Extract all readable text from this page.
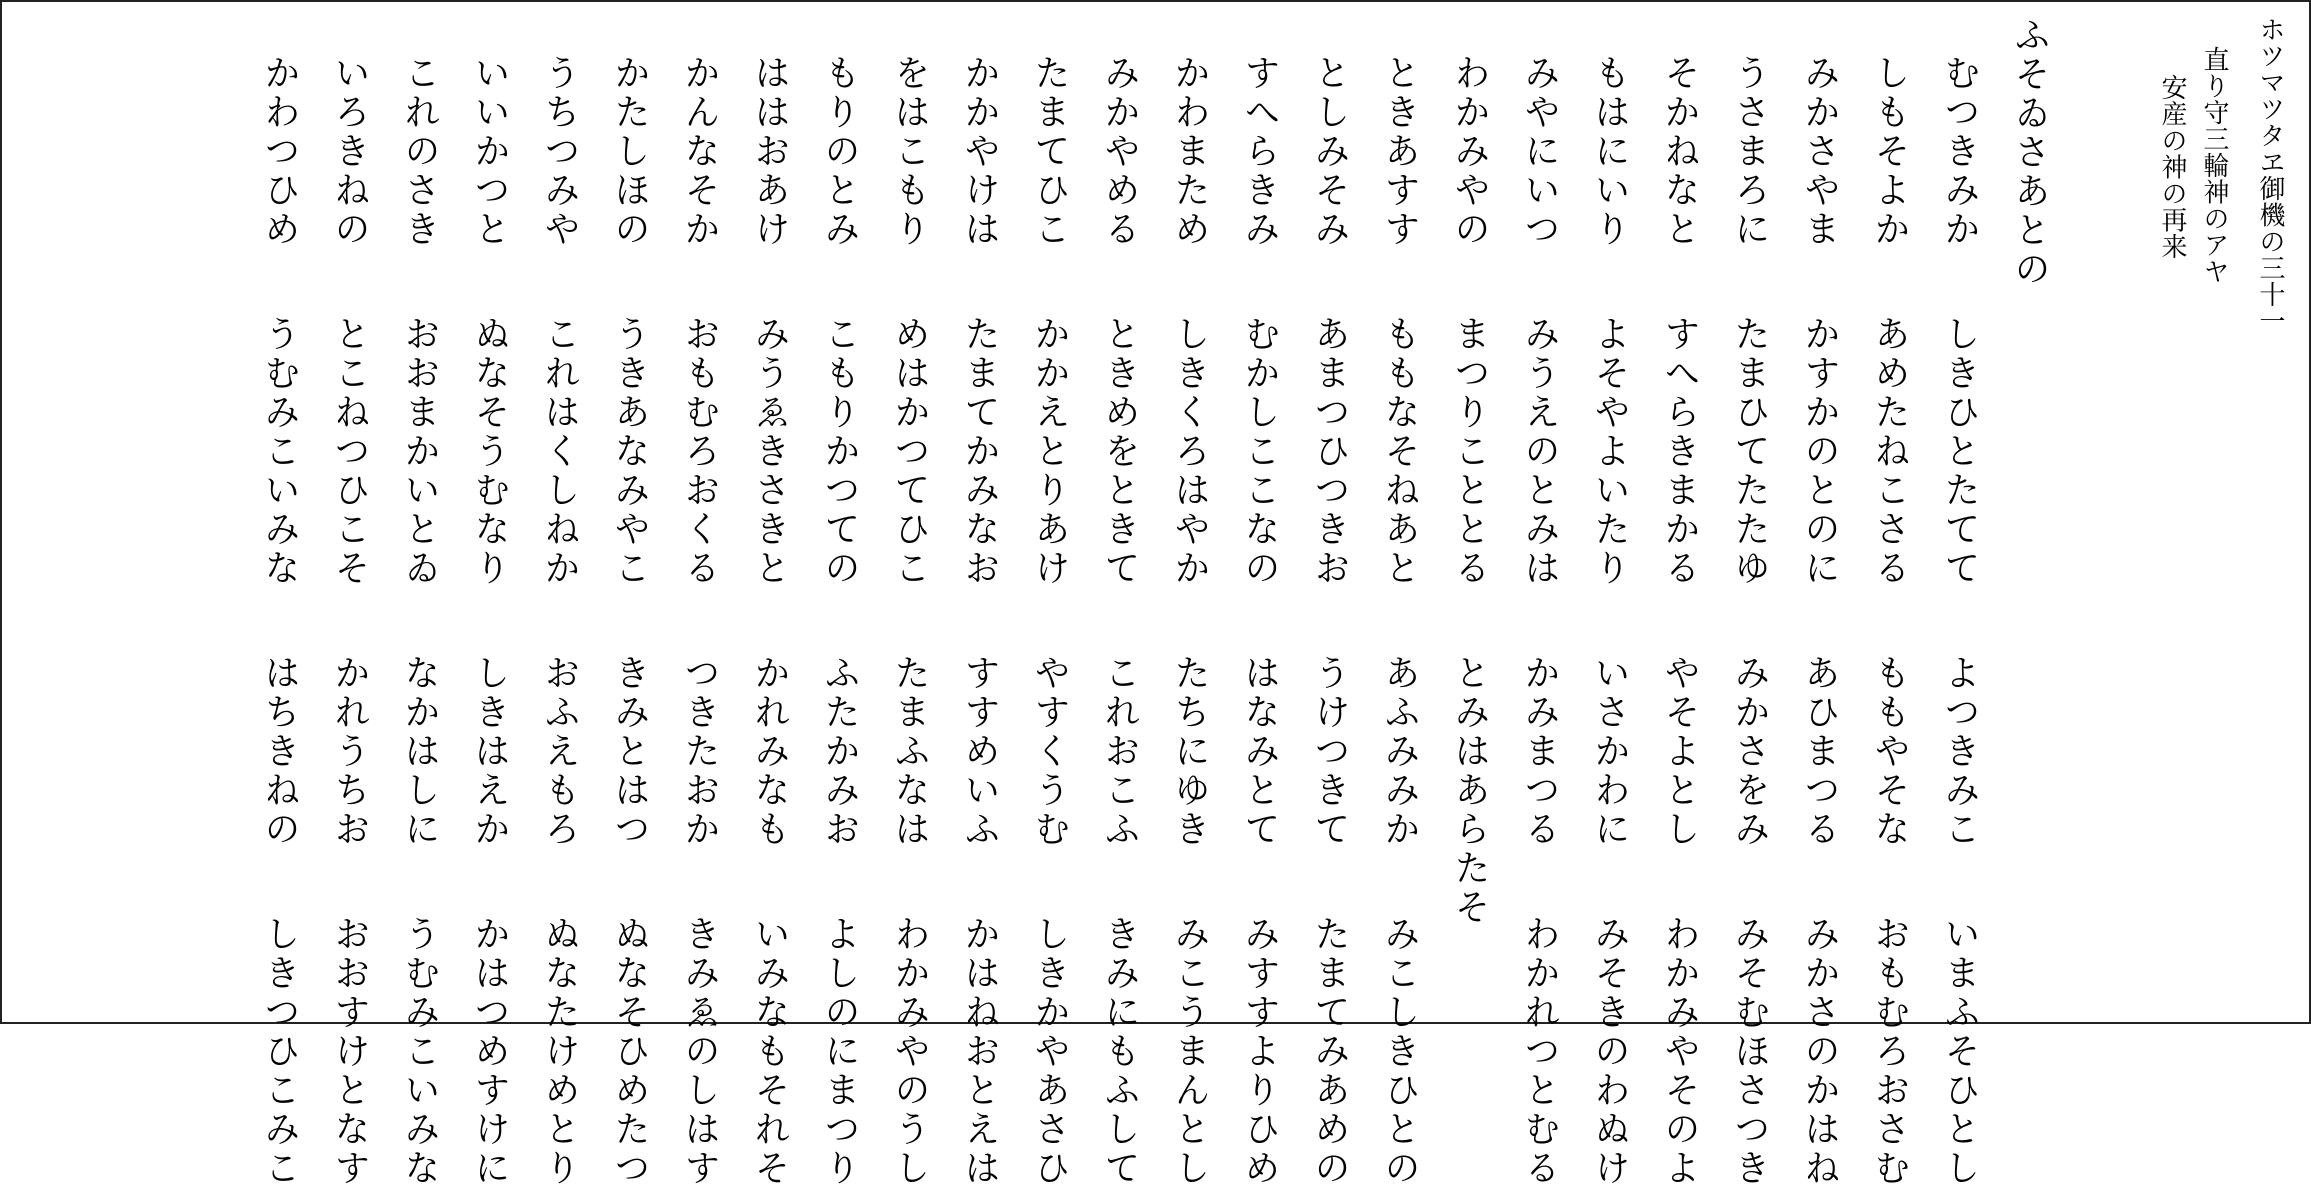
ホツマツタヱ御機の三十一
直り守三輪神のアヤ
安産の神の再来
ふそゐさあとの
むつきみかしきひとたててよつきみこいまふそひとし
しもそよかあめたねこさるももやそなおもむろおさむ
みかさやまかすかのとのにあひまつるみかさのかはね
うさまろにたまひてたたゆみかさをみみそむほさつき
そかねなとすへらきまかるやそよとしわかみやそのよ
もはにいりよそやよいたりいさかわにみそきのわぬけ
みやにいつみうえのとみはかみまつるわかれつとむる
わかみやのまつりこととるとみはあらたそ
ときあすすももなそねあとあふみみかみこしきひとの
としみそみあまつひつきおうけつきてたまてみあめの
すへらきみむかしここなのはなみとてみすすよりひめ
かわまためしきくろはやかたちにゆきみこうまんとし
みかやめるときめをときてこれおこふきみにもふして
たまてひこかかえとりあけやすくうむしきかやあさひ
かかやけはたまてかみなおすすめいふかはねおとえは
をはこもりめはかつてひこたまふなはわかみやのうし
もりのとみこもりかつてのふたかみおよしのにまつり
ははおあけみうゑきさきとかれみなもいみなもそれそ
かんなそかおもむろおくるつきたおかきみゑのしはす
かたしほのうきあなみやこきみとはつぬなそひめたつ
うちつみやこれはくしねかおふえもろぬなたけめとり
いいかつとぬなそうむなりしきはえかかはつめすけに
これのさきおおまかいとゐなかはしにうむみこいみな
いろきねのとこねつひこそかれうちおおおすけとなす
かわつひめうむみこいみなはちきねのしきつひこみこ
